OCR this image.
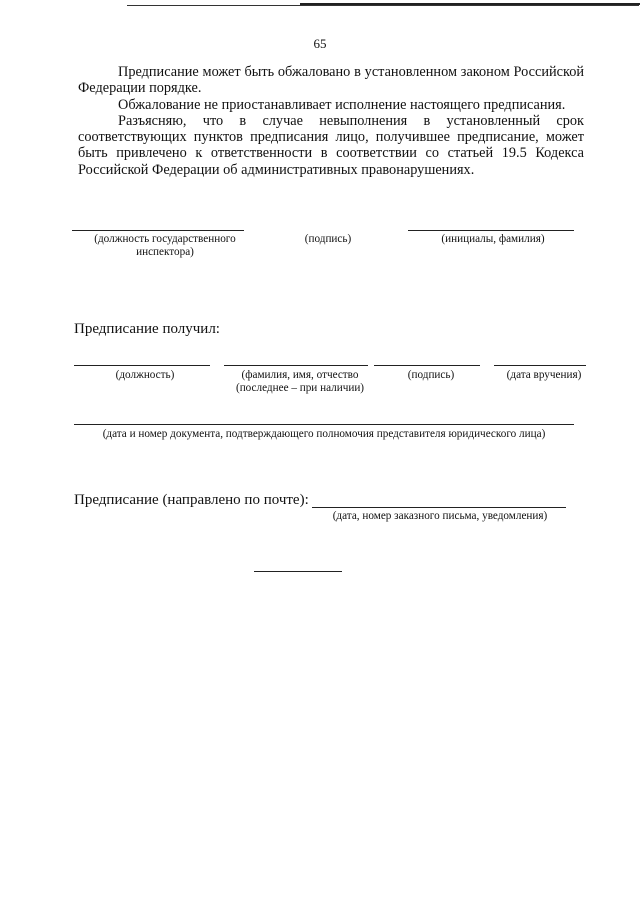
65

Предписание может быть обжаловано в установленном законом Российской Федерации порядке.

Обжалование не приостанавливает исполнение настоящего предписания.

Разъясняю, что в случае невыполнения в установленный срок соответствующих пунктов предписания лицо, получившее предписание, может быть привлечено к ответственности в соответствии со статьей 19.5 Кодекса Российской Федерации об административных правонарушениях.

(должность государственного
инспектора)
(подпись)	(инициалы, фамилия)
Предписание получил:
(должность)	(фамилия, имя, отчество
(последнее – при наличии)
(подпись)	(дата вручения)
(дата и номер документа, подтверждающего полномочия представителя юридического лица)
Предписание (направлено по почте):
(дата, номер заказного письма, уведомления)
